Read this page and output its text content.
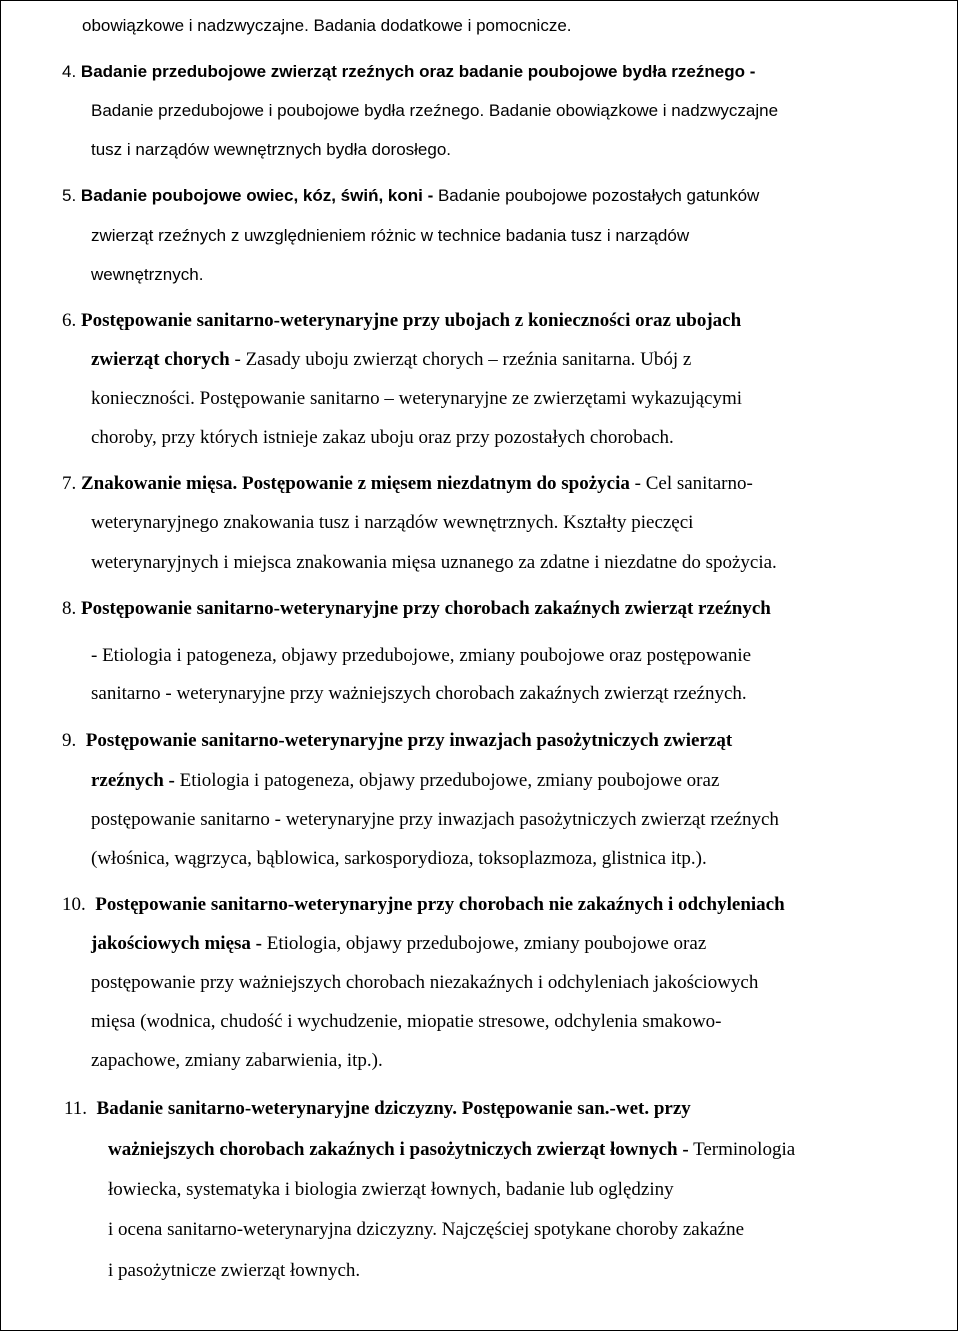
obowiązkowe i nadzwyczajne. Badania dodatkowe i pomocnicze.
4. Badanie przedubojowe zwierząt rzeźnych oraz badanie poubojowe bydła rzeźnego -
Badanie przedubojowe i poubojowe bydła rzeźnego. Badanie obowiązkowe i nadzwyczajne
tusz i narządów wewnętrznych bydła dorosłego.
5. Badanie poubojowe owiec, kóz, świń, koni - Badanie poubojowe pozostałych gatunków
zwierząt rzeźnych z uwzględnieniem różnic w technice badania tusz i narządów
wewnętrznych.
6. Postępowanie sanitarno-weterynaryjne przy ubojach z konieczności oraz ubojach
zwierząt chorych - Zasady uboju zwierząt chorych – rzeźnia sanitarna. Ubój z
konieczności. Postępowanie sanitarno – weterynaryjne ze zwierzętami wykazującymi
choroby, przy których istnieje zakaz uboju oraz przy pozostałych chorobach.
7. Znakowanie mięsa. Postępowanie z mięsem niezdatnym do spożycia - Cel sanitarno-
weterynaryjnego znakowania tusz i narządów wewnętrznych. Kształty pieczęci
weterynaryjnych i miejsca znakowania mięsa uznanego za zdatne i niezdatne do spożycia.
8. Postępowanie sanitarno-weterynaryjne przy chorobach zakaźnych zwierząt rzeźnych
- Etiologia i patogeneza, objawy przedubojowe, zmiany poubojowe oraz postępowanie
sanitarno - weterynaryjne przy ważniejszych chorobach zakaźnych zwierząt rzeźnych.
9. Postępowanie sanitarno-weterynaryjne przy inwazjach pasożytniczych zwierząt
rzeźnych - Etiologia i patogeneza, objawy przedubojowe, zmiany poubojowe oraz
postępowanie sanitarno - weterynaryjne przy inwazjach pasożytniczych zwierząt rzeźnych
(włośnica, wągrzyca, bąblowica, sarkosporydioza, toksoplazmoza, glistnica itp.).
10. Postępowanie sanitarno-weterynaryjne przy chorobach nie zakaźnych i odchyleniach
jakościowych mięsa - Etiologia, objawy przedubojowe, zmiany poubojowe oraz
postępowanie przy ważniejszych chorobach niezakaźnych i odchyleniach jakościowych
mięsa (wodnica, chudość i wychudzenie, miopatie stresowe, odchylenia smakowo-
zapachowe, zmiany zabarwienia, itp.).
11. Badanie sanitarno-weterynaryjne dziczyzny. Postępowanie san.-wet. przy
ważniejszych chorobach zakaźnych i pasożytniczych zwierząt łownych - Terminologia
łowiecka, systematyka i biologia zwierząt łownych, badanie lub oględziny
i ocena sanitarno-weterynaryjna dziczyzny. Najczęściej spotykane choroby zakaźne
i pasożytnicze zwierząt łownych.
